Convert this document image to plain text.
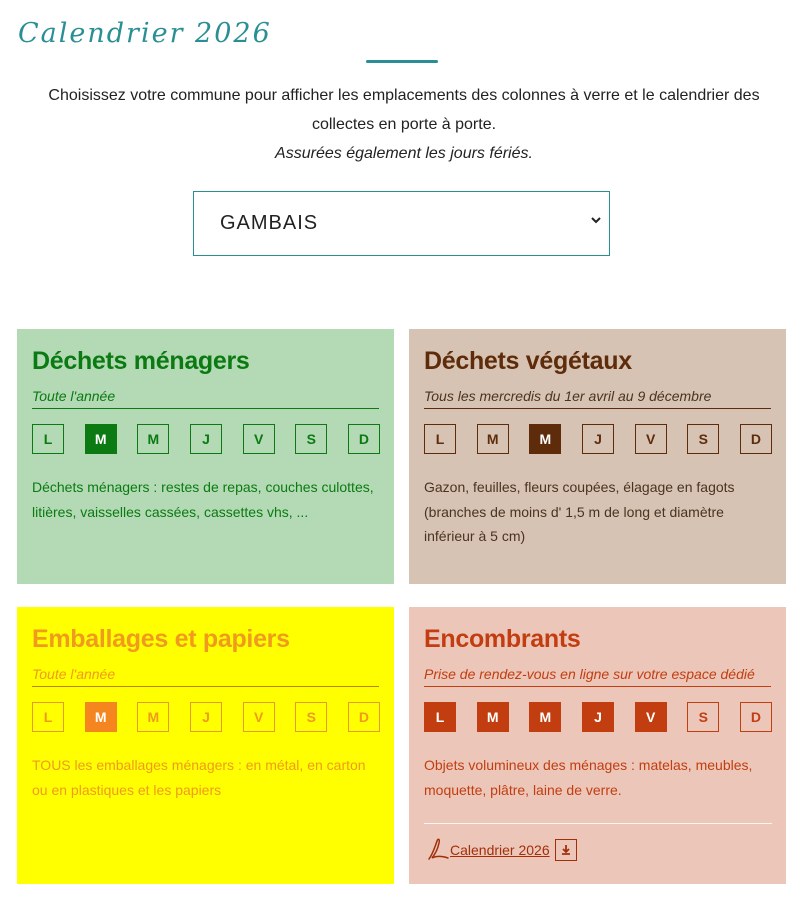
Calendrier 2026
Choisissez votre commune pour afficher les emplacements des colonnes à verre et le calendrier des collectes en porte à porte.
Assurées également les jours fériés.
GAMBAIS
Déchets ménagers
Toute l'année
L	M	M	J	V	S	D
Déchets ménagers : restes de repas, couches culottes, litières, vaisselles cassées, cassettes vhs, ...
Déchets végétaux
Tous les mercredis du 1er avril au 9 décembre
L	M	M	J	V	S	D
Gazon, feuilles, fleurs coupées, élagage en fagots (branches de moins d' 1,5 m de long et diamètre inférieur à 5 cm)
Emballages et papiers
Toute l'année
L	M	M	J	V	S	D
TOUS les emballages ménagers : en métal, en carton ou en plastiques et les papiers
Encombrants
Prise de rendez-vous en ligne sur votre espace dédié
L	M	M	J	V	S	D
Objets volumineux des ménages : matelas, meubles, moquette, plâtre, laine de verre.
Calendrier 2026
